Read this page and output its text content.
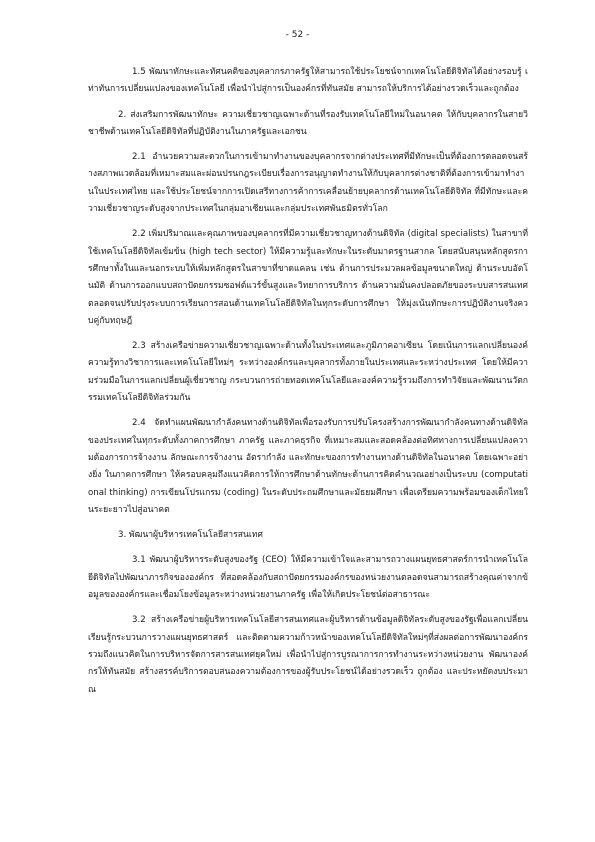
- 52 -

1.5 พัฒนาทักษะและทัศนคติของบุคลากรภาครัฐให้สามารถใช้ประโยชน์จากเทคโนโลยีดิจิทัลได้อย่างรอบรู้ เท่าทันการเปลี่ยนแปลงของเทคโนโลยี เพื่อนำไปสู่การเป็นองค์กรที่ทันสมัย สามารถให้บริการได้อย่างรวดเร็วและถูกต้อง

2. ส่งเสริมการพัฒนาทักษะ ความเชี่ยวชาญเฉพาะด้านที่รองรับเทคโนโลยีใหม่ในอนาคต ให้กับบุคลากรในสายวิชาชีพด้านเทคโนโลยีดิจิทัลที่ปฏิบัติงานในภาครัฐและเอกชน

2.1 อำนวยความสะดวกในการเข้ามาทำงานของบุคลากรจากต่างประเทศที่มีทักษะเป็นที่ต้องการตลอดจนสร้างสภาพแวดล้อมที่เหมาะสมและผ่อนปรนกฎระเบียบเรื่องการอนุญาตทำงานให้กับบุคลากรต่างชาติที่ต้องการเข้ามาทำงานในประเทศไทย และใช้ประโยชน์จากการเปิดเสรีทางการค้าการเคลื่อนย้ายบุคลากรด้านเทคโนโลยีดิจิทัล ที่มีทักษะและความเชี่ยวชาญระดับสูงจากประเทศในกลุ่มอาเซียนและกลุ่มประเทศพันธมิตรทั่วโลก

2.2 เพิ่มปริมาณและคุณภาพของบุคลากรที่มีความเชี่ยวชาญทางด้านดิจิทัล (digital specialists) ในสาขาที่ใช้เทคโนโลยีดิจิทัลเข้มข้น (high tech sector) ให้มีความรู้และทักษะในระดับมาตรฐานสากล โดยสนับสนุนหลักสูตรการศึกษาทั้งในและนอกระบบให้เพิ่มหลักสูตรในสาขาที่ขาดแคลน เช่น ด้านการประมวลผลข้อมูลขนาดใหญ่ ด้านระบบอัตโนมัติ ด้านการออกแบบสถาปัตยกรรมซอฟต์แวร์ขั้นสูงและวิทยาการบริการ ด้านความมั่นคงปลอดภัยของระบบสารสนเทศ ตลอดจนปรับปรุงระบบการเรียนการสอนด้านเทคโนโลยีดิจิทัลในทุกระดับการศึกษา ให้มุ่งเน้นทักษะการปฏิบัติงานจริงควบคู่กับทฤษฎี

2.3 สร้างเครือข่ายความเชี่ยวชาญเฉพาะด้านทั้งในประเทศและภูมิภาคอาเซียน โดยเน้นการแลกเปลี่ยนองค์ความรู้ทางวิชาการและเทคโนโลยีใหม่ๆ ระหว่างองค์กรและบุคลากรทั้งภายในประเทศและระหว่างประเทศ โดยให้มีความร่วมมือในการแลกเปลี่ยนผู้เชี่ยวชาญ กระบวนการถ่ายทอดเทคโนโลยีและองค์ความรู้รวมถึงการทำวิจัยและพัฒนานวัตกรรมเทคโนโลยีดิจิทัลร่วมกัน

2.4 จัดทำแผนพัฒนากำลังคนทางด้านดิจิทัลเพื่อรองรับการปรับโครงสร้างการพัฒนากำลังคนทางด้านดิจิทัลของประเทศในทุกระดับทั้งภาคการศึกษา ภาครัฐ และภาคธุรกิจ ที่เหมาะสมและสอดคล้องต่อทิศทางการเปลี่ยนแปลงความต้องการการจ้างงาน ลักษณะการจ้างงาน อัตรากำลัง และทักษะของการทำงานทางด้านดิจิทัลในอนาคต โดยเฉพาะอย่างยิ่ง ในภาคการศึกษา ให้ครอบคลุมถึงแนวคิดการให้การศึกษาด้านทักษะด้านการคิดคำนวณอย่างเป็นระบบ (computational thinking) การเขียนโปรแกรม (coding) ในระดับประถมศึกษาและมัธยมศึกษา เพื่อเตรียมความพร้อมของเด็กไทยในระยะยาวไปสู่อนาคต

3. พัฒนาผู้บริหารเทคโนโลยีสารสนเทศ

3.1 พัฒนาผู้บริหารระดับสูงของรัฐ (CEO) ให้มีความเข้าใจและสามารถวางแผนยุทธศาสตร์การนำเทคโนโลยีดิจิทัลไปพัฒนาภารกิจขององค์กร ที่สอดคล้องกับสถาปัตยกรรมองค์กรของหน่วยงานตลอดจนสามารถสร้างคุณค่าจากข้อมูลขององค์กรและเชื่อมโยงข้อมูลระหว่างหน่วยงานภาครัฐ เพื่อให้เกิดประโยชน์ต่อสาธารณะ

3.2 สร้างเครือข่ายผู้บริหารเทคโนโลยีสารสนเทศและผู้บริหารด้านข้อมูลดิจิทัลระดับสูงของรัฐเพื่อแลกเปลี่ยนเรียนรู้กระบวนการวางแผนยุทธศาสตร์ และติดตามความก้าวหน้าของเทคโนโลยีดิจิทัลใหม่ๆที่ส่งผลต่อการพัฒนาองค์กร รวมถึงแนวคิดในการบริหารจัดการสารสนเทศยุคใหม่ เพื่อนำไปสู่การบูรณาการการทำงานระหว่างหน่วยงาน พัฒนาองค์กรให้ทันสมัย สร้างสรรค์บริการตอบสนองความต้องการของผู้รับประโยชน์ได้อย่างรวดเร็ว ถูกต้อง และประหยัดงบประมาณ
